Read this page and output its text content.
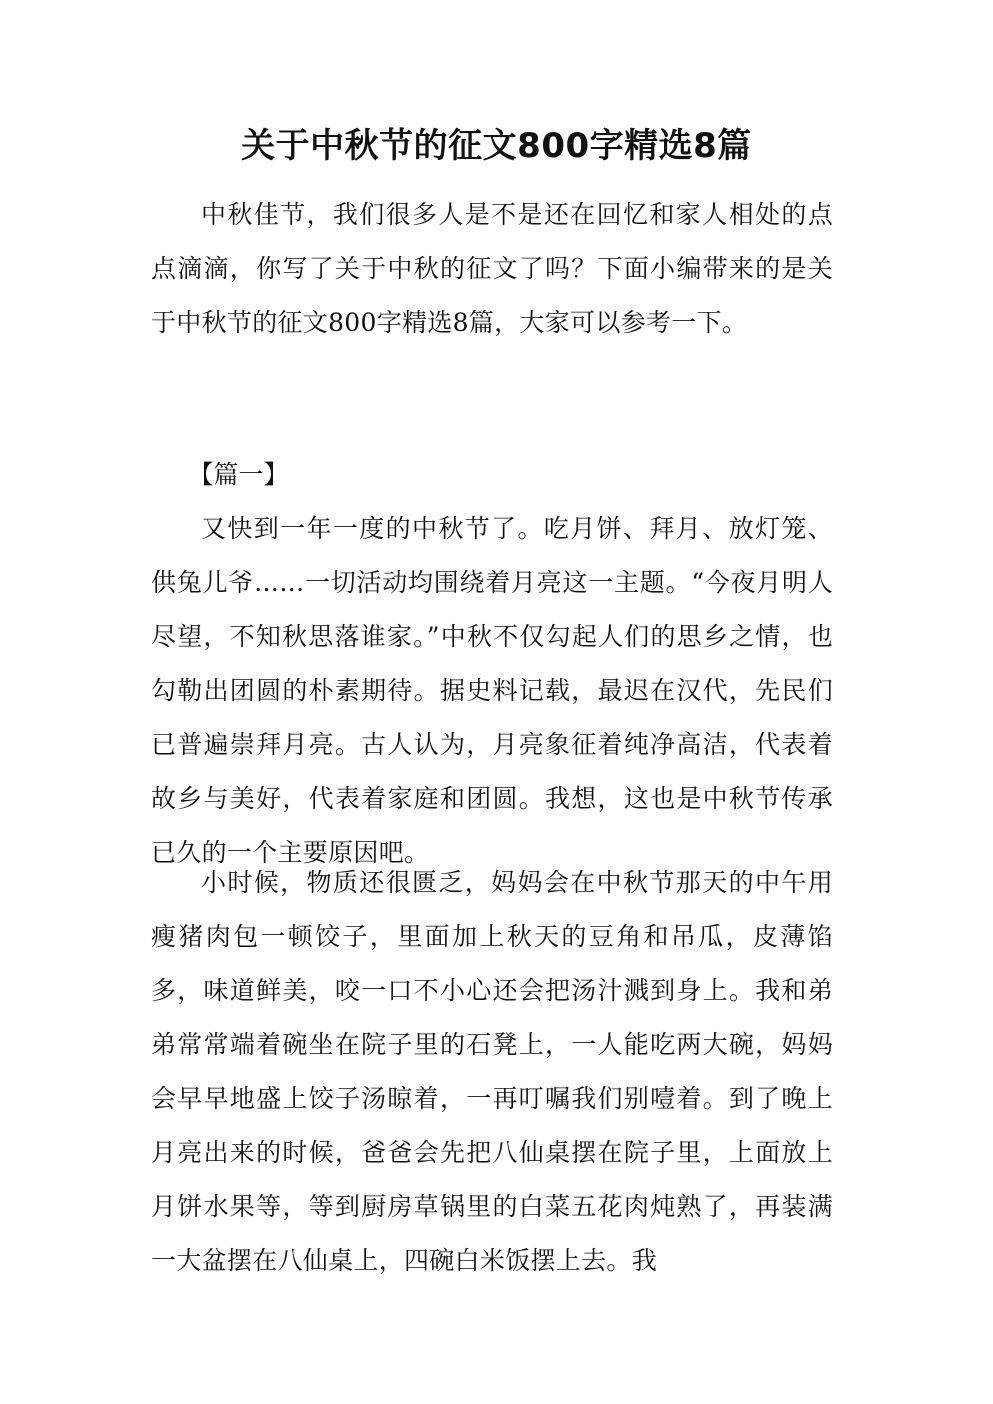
关于中秋节的征文800字精选8篇

中秋佳节，我们很多人是不是还在回忆和家人相处的点点滴滴，你写了关于中秋的征文了吗？下面小编带来的是关于中秋节的征文800字精选8篇，大家可以参考一下。

【篇一】

又快到一年一度的中秋节了。吃月饼、拜月、放灯笼、供兔儿爷……一切活动均围绕着月亮这一主题。“今夜月明人尽望，不知秋思落谁家。”中秋不仅勾起人们的思乡之情，也勾勒出团圆的朴素期待。据史料记载，最迟在汉代，先民们已普遍崇拜月亮。古人认为，月亮象征着纯净高洁，代表着故乡与美好，代表着家庭和团圆。我想，这也是中秋节传承已久的一个主要原因吧。

小时候，物质还很匮乏，妈妈会在中秋节那天的中午用瘦猪肉包一顿饺子，里面加上秋天的豆角和吊瓜，皮薄馅多，味道鲜美，咬一口不小心还会把汤汁溅到身上。我和弟弟常常端着碗坐在院子里的石凳上，一人能吃两大碗，妈妈会早早地盛上饺子汤晾着，一再叮嘱我们别噎着。到了晚上月亮出来的时候，爸爸会先把八仙桌摆在院子里，上面放上月饼水果等，等到厨房草锅里的白菜五花肉炖熟了，再装满一大盆摆在八仙桌上，四碗白米饭摆上去。我
